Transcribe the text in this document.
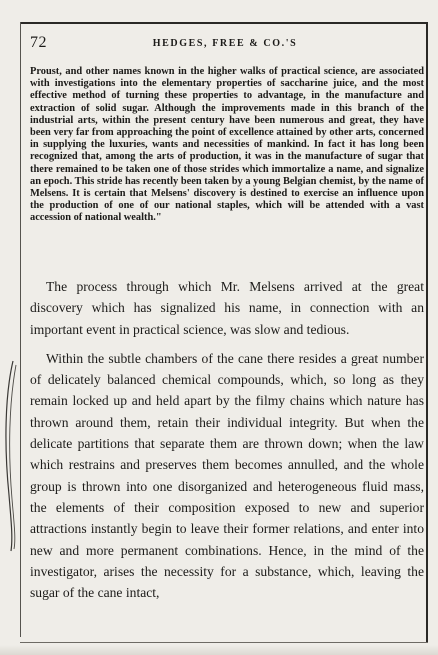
72	HEDGES, FREE & CO.'S

Proust, and other names known in the higher walks of practical science, are associated with investigations into the elementary properties of saccharine juice, and the most effective method of turning these properties to advantage, in the manufacture and extraction of solid sugar. Although the improvements made in this branch of the industrial arts, within the present century have been numerous and great, they have been very far from approaching the point of excellence attained by other arts, concerned in supplying the luxuries, wants and necessities of mankind. In fact it has long been recognized that, among the arts of production, it was in the manufacture of sugar that there remained to be taken one of those strides which immortalize a name, and signalize an epoch. This stride has recently been taken by a young Belgian chemist, by the name of Melsens. It is certain that Melsens' discovery is destined to exercise an influence upon the production of one of our national staples, which will be attended with a vast accession of national wealth."

The process through which Mr. Melsens arrived at the great discovery which has signalized his name, in connection with an important event in practical science, was slow and tedious.

Within the subtle chambers of the cane there resides a great number of delicately balanced chemical compounds, which, so long as they remain locked up and held apart by the filmy chains which nature has thrown around them, retain their individual integrity. But when the delicate partitions that separate them are thrown down; when the law which restrains and preserves them becomes annulled, and the whole group is thrown into one disorganized and heterogeneous fluid mass, the elements of their composition exposed to new and superior attractions instantly begin to leave their former relations, and enter into new and more permanent combinations. Hence, in the mind of the investigator, arises the necessity for a substance, which, leaving the sugar of the cane intact,
